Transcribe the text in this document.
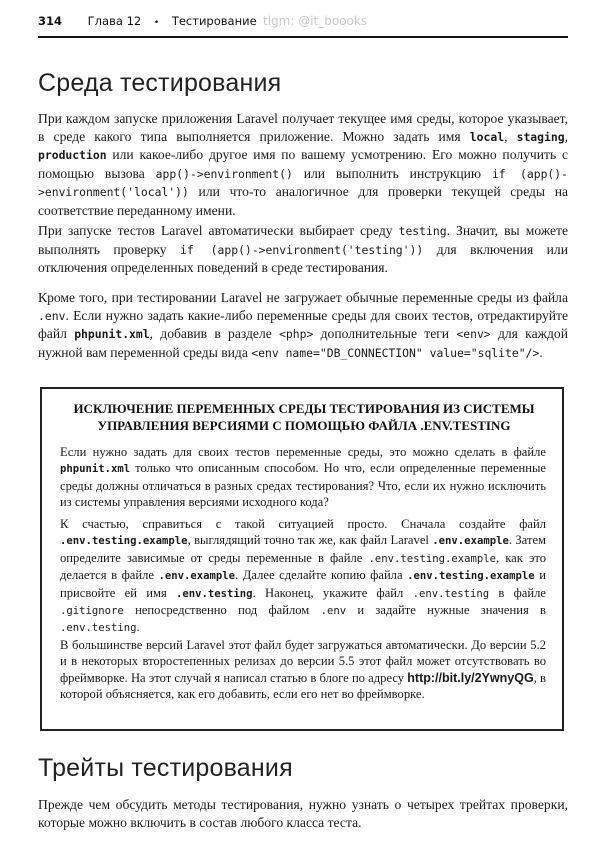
314 Глава 12 • Тестирование tlgm: @it_boooks
Среда тестирования

При каждом запуске приложения Laravel получает текущее имя среды, которое указывает, в среде какого типа выполняется приложение. Можно задать имя local, staging, production или какое-либо другое имя по вашему усмотрению. Его можно получить с помощью вызова app()->environment() или выполнить инструкцию if (app()->environment('local')) или что-то аналогичное для проверки текущей среды на соответствие переданному имени.

При запуске тестов Laravel автоматически выбирает среду testing. Значит, вы можете выполнять проверку if (app()->environment('testing')) для включения или отключения определенных поведений в среде тестирования.

Кроме того, при тестировании Laravel не загружает обычные переменные среды из файла .env. Если нужно задать какие-либо переменные среды для своих тестов, отредактируйте файл phpunit.xml, добавив в разделе <php> дополнительные теги <env> для каждой нужной вам переменной среды вида <env name="DB_CONNECTION" value="sqlite"/>.

ИСКЛЮЧЕНИЕ ПЕРЕМЕННЫХ СРЕДЫ ТЕСТИРОВАНИЯ ИЗ СИСТЕМЫ УПРАВЛЕНИЯ ВЕРСИЯМИ С ПОМОЩЬЮ ФАЙЛА .ENV.TESTING

Если нужно задать для своих тестов переменные среды, это можно сделать в файле phpunit.xml только что описанным способом. Но что, если определенные переменные среды должны отличаться в разных средах тестирования? Что, если их нужно исключить из системы управления версиями исходного кода?

К счастью, справиться с такой ситуацией просто. Сначала создайте файл .env.testing.example, выглядящий точно так же, как файл Laravel .env.example. Затем определите зависимые от среды переменные в файле .env.testing.example, как это делается в файле .env.example. Далее сделайте копию файла .env.testing.example и присвойте ей имя .env.testing. Наконец, укажите файл .env.testing в файле .gitignore непосредственно под файлом .env и задайте нужные значения в .env.testing.

В большинстве версий Laravel этот файл будет загружаться автоматически. До версии 5.2 и в некоторых второстепенных релизах до версии 5.5 этот файл может отсутствовать во фреймворке. На этот случай я написал статью в блоге по адресу http://bit.ly/2YwnyQG, в которой объясняется, как его добавить, если его нет во фреймворке.

Трейты тестирования

Прежде чем обсудить методы тестирования, нужно узнать о четырех трейтах проверки, которые можно включить в состав любого класса теста.
